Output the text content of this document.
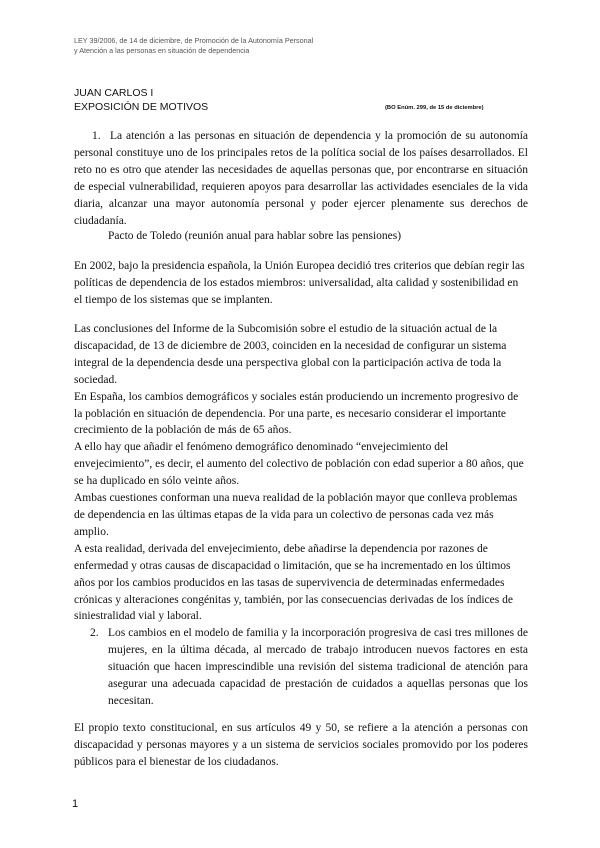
LEY 39/2006, de 14 de diciembre, de Promoción de la Autonomía Personal
y Atención a las personas en situación de dependencia
JUAN CARLOS I
EXPOSICIÓN DE MOTIVOS	(BO Enúm. 299, de 15 de diciembre)

1. La atención a las personas en situación de dependencia y la promoción de su autonomía personal constituye uno de los principales retos de la política social de los países desarrollados. El reto no es otro que atender las necesidades de aquellas personas que, por encontrarse en situación de especial vulnerabilidad, requieren apoyos para desarrollar las actividades esenciales de la vida diaria, alcanzar una mayor autonomía personal y poder ejercer plenamente sus derechos de ciudadanía.

Pacto de Toledo (reunión anual para hablar sobre las pensiones)

En 2002, bajo la presidencia española, la Unión Europea decidió tres criterios que debían regir las políticas de dependencia de los estados miembros: universalidad, alta calidad y sostenibilidad en el tiempo de los sistemas que se implanten.

Las conclusiones del Informe de la Subcomisión sobre el estudio de la situación actual de la discapacidad, de 13 de diciembre de 2003, coinciden en la necesidad de configurar un sistema integral de la dependencia desde una perspectiva global con la participación activa de toda la sociedad.

En España, los cambios demográficos y sociales están produciendo un incremento progresivo de la población en situación de dependencia. Por una parte, es necesario considerar el importante crecimiento de la población de más de 65 años.

A ello hay que añadir el fenómeno demográfico denominado “envejecimiento del envejecimiento”, es decir, el aumento del colectivo de población con edad superior a 80 años, que se ha duplicado en sólo veinte años.

Ambas cuestiones conforman una nueva realidad de la población mayor que conlleva problemas de dependencia en las últimas etapas de la vida para un colectivo de personas cada vez más amplio.

A esta realidad, derivada del envejecimiento, debe añadirse la dependencia por razones de enfermedad y otras causas de discapacidad o limitación, que se ha incrementado en los últimos años por los cambios producidos en las tasas de supervivencia de determinadas enfermedades crónicas y alteraciones congénitas y, también, por las consecuencias derivadas de los índices de siniestralidad vial y laboral.

2. Los cambios en el modelo de familia y la incorporación progresiva de casi tres millones de mujeres, en la última década, al mercado de trabajo introducen nuevos factores en esta situación que hacen imprescindible una revisión del sistema tradicional de atención para asegurar una adecuada capacidad de prestación de cuidados a aquellas personas que los necesitan.

El propio texto constitucional, en sus artículos 49 y 50, se refiere a la atención a personas con discapacidad y personas mayores y a un sistema de servicios sociales promovido por los poderes públicos para el bienestar de los ciudadanos.

1
